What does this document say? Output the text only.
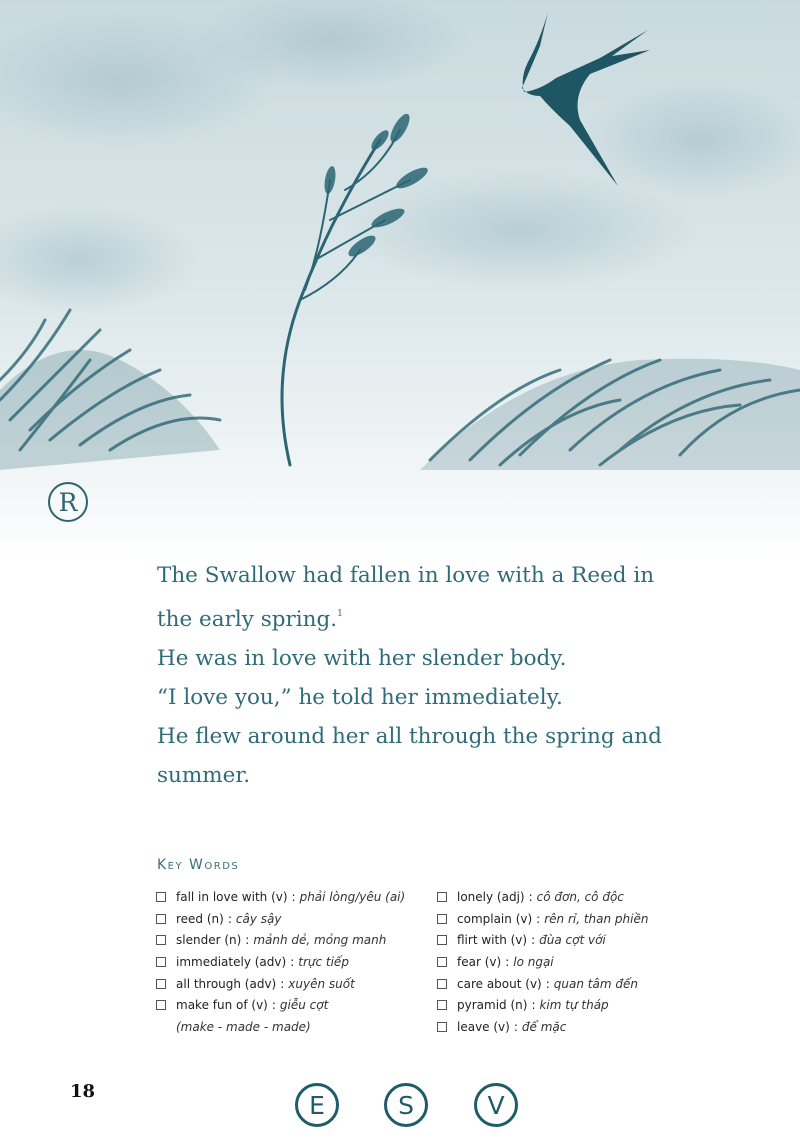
R

The Swallow had fallen in love with a Reed in

the early spring.$^1$

He was in love with her slender body.

“I love you,” he told her immediately.

He flew around her all through the spring and

summer.

Key Words
fall in love with (v) : phải lòng/yêu (ai)
reed (n) : cây sậy
slender (n) : mảnh dẻ, mỏng manh
immediately (adv) : trực tiếp
all through (adv) : xuyên suốt
make fun of (v) : giễu cợt
(make - made - made)
lonely (adj) : cô đơn, cô độc
complain (v) : rên rỉ, than phiền
flirt with (v) : đùa cợt với
fear (v) : lo ngại
care about (v) : quan tâm đến
pyramid (n) : kim tự tháp
leave (v) : để mặc
18	E	S	V
